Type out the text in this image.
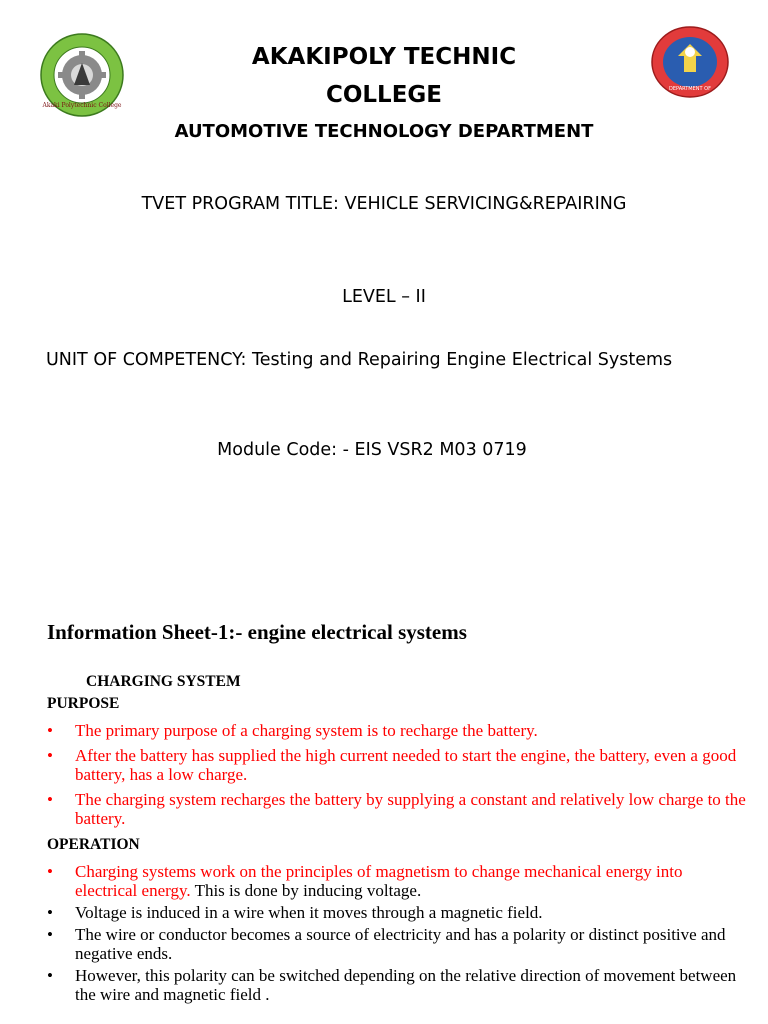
Akaki Polytechnic College
DEPARTMENT OF
AKAKIPOLY TECHNIC
COLLEGE
AUTOMOTIVE TECHNOLOGY DEPARTMENT
TVET PROGRAM TITLE: VEHICLE SERVICING&REPAIRING
LEVEL – II
UNIT OF COMPETENCY: Testing and Repairing Engine Electrical Systems
Module Code: - EIS VSR2 M03 0719
Information Sheet-1:- engine electrical systems
CHARGING SYSTEM
PURPOSE
• The primary purpose of a charging system is to recharge the battery.
• After the battery has supplied the high current needed to start the engine, the battery, even a good battery, has a low charge.
• The charging system recharges the battery by supplying a constant and relatively low charge to the battery.
OPERATION
• Charging systems work on the principles of magnetism to change mechanical energy into electrical energy. This is done by inducing voltage.
• Voltage is induced in a wire when it moves through a magnetic field.
• The wire or conductor becomes a source of electricity and has a polarity or distinct positive and negative ends.
• However, this polarity can be switched depending on the relative direction of movement between the wire and magnetic field .
